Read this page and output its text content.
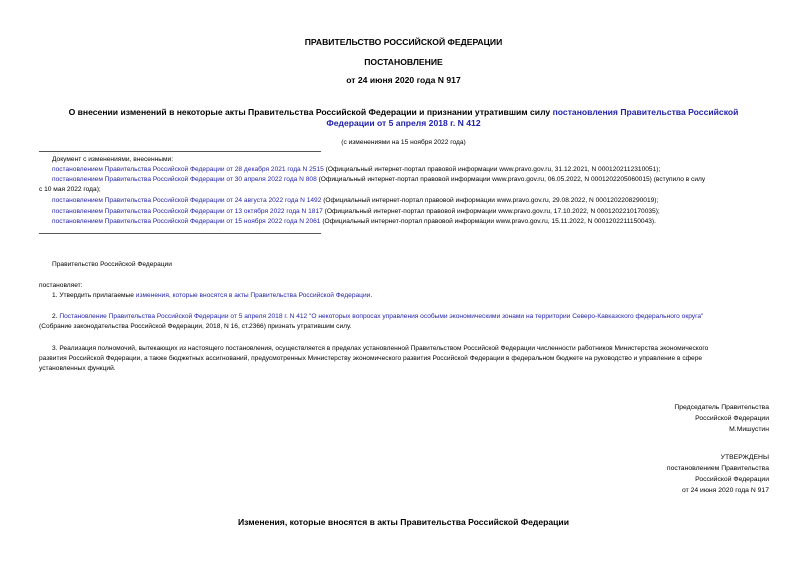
ПРАВИТЕЛЬСТВО РОССИЙСКОЙ ФЕДЕРАЦИИ
ПОСТАНОВЛЕНИЕ
от 24 июня 2020 года N 917
О внесении изменений в некоторые акты Правительства Российской Федерации и признании утратившим силу постановления Правительства Российской
Федерации от 5 апреля 2018 г. N 412
(с изменениями на 15 ноября 2022 года)
Документ с изменениями, внесенными:
постановлением Правительства Российской Федерации от 28 декабря 2021 года N 2515 (Официальный интернет-портал правовой информации www.pravo.gov.ru, 31.12.2021, N 0001202112310051);
постановлением Правительства Российской Федерации от 30 апреля 2022 года N 808 (Официальный интернет-портал правовой информации www.pravo.gov.ru, 06.05.2022, N 0001202205060015) (вступило в силу
с 10 мая 2022 года);
постановлением Правительства Российской Федерации от 24 августа 2022 года N 1492 (Официальный интернет-портал правовой информации www.pravo.gov.ru, 29.08.2022, N 0001202208290019);
постановлением Правительства Российской Федерации от 13 октября 2022 года N 1817 (Официальный интернет-портал правовой информации www.pravo.gov.ru, 17.10.2022, N 0001202210170035);
постановлением Правительства Российской Федерации от 15 ноября 2022 года N 2061 (Официальный интернет-портал правовой информации www.pravo.gov.ru, 15.11.2022, N 0001202211150043).
Правительство Российской Федерации
постановляет:
1. Утвердить прилагаемые изменения, которые вносятся в акты Правительства Российской Федерации.
2. Постановление Правительства Российской Федерации от 5 апреля 2018 г. N 412 "О некоторых вопросах управления особыми экономическими зонами на территории Северо-Кавказского федерального округа"
(Собрание законодательства Российской Федерации, 2018, N 16, ст.2366) признать утратившим силу.
3. Реализация полномочий, вытекающих из настоящего постановления, осуществляется в пределах установленной Правительством Российской Федерации численности работников Министерства экономического
развития Российской Федерации, а также бюджетных ассигнований, предусмотренных Министерству экономического развития Российской Федерации в федеральном бюджете на руководство и управление в сфере
установленных функций.
Председатель Правительства
Российской Федерации
М.Мишустин
УТВЕРЖДЕНЫ
постановлением Правительства
Российской Федерации
от 24 июня 2020 года N 917
Изменения, которые вносятся в акты Правительства Российской Федерации
